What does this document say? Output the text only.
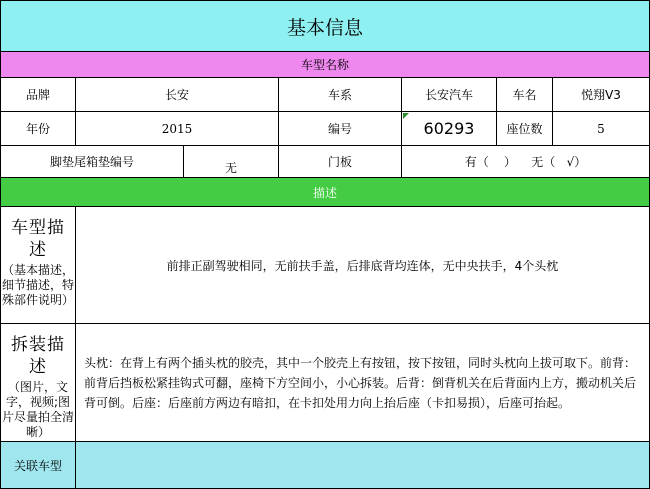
基本信息
车型名称
品牌	长安	车系	长安汽车	车名	悦翔V3
年份	2015	编号	60293	座位数	5
脚垫尾箱垫编号	无	门板	有（    ）    无（   √）
描述
车型描
述
（基本描述，细节描述，特殊部件说明）
前排正副驾驶相同，无前扶手盖，后排底背均连体，无中央扶手，4个头枕
拆装描
述
（图片，文字，视频;图片尽量拍全清晰）
头枕：在背上有两个插头枕的胶壳，其中一个胶壳上有按钮，按下按钮，同时头枕向上拔可取下。前背：前背后挡板松紧挂钩式可翻，座椅下方空间小，小心拆装。后背：倒背机关在后背面内上方，搬动机关后背可倒。后座：后座前方两边有暗扣，在卡扣处用力向上抬后座（卡扣易损），后座可抬起。
关联车型
